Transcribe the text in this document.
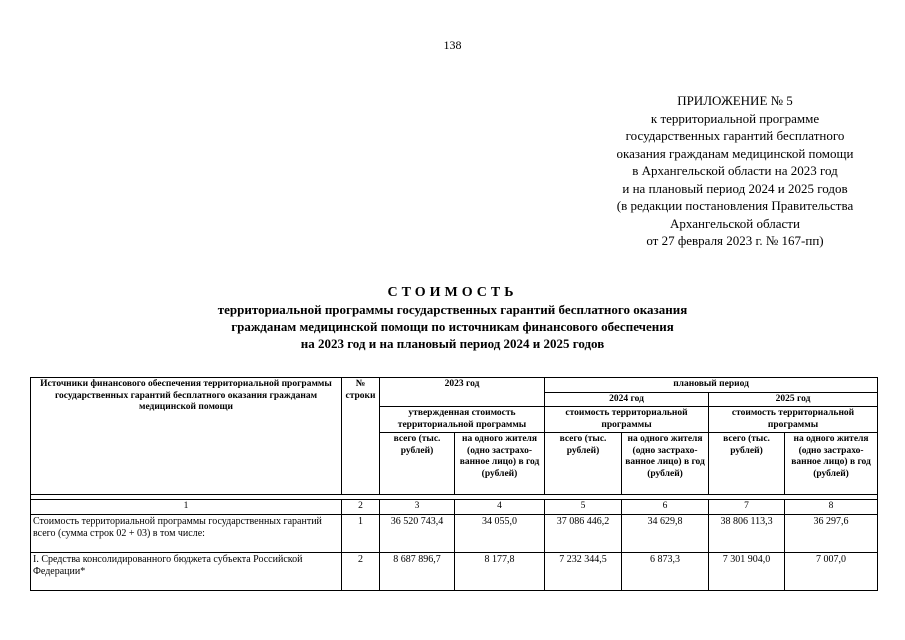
138
ПРИЛОЖЕНИЕ № 5
к территориальной программе
государственных гарантий бесплатного
оказания гражданам медицинской помощи
в Архангельской области на 2023 год
и на плановый период 2024 и 2025 годов
(в редакции постановления Правительства
Архангельской области
от 27 февраля 2023 г. № 167-пп)
СТОИМОСТЬ
территориальной программы государственных гарантий бесплатного оказания
гражданам медицинской помощи по источникам финансового обеспечения
на 2023 год и на плановый период 2024 и 2025 годов
Источники финансового обеспечения территориальной программы государственных гарантий бесплатного оказания гражданам медицинской помощи	№ строки	2023 год		плановый период			
				2024 год		2025 год	
		утвержденная стоимость территориальной программы		стоимость территориальной программы		стоимость территориальной программы	
		всего (тыс. рублей)	на одного жителя (одно застрахо-ванное лицо) в год (рублей)	всего (тыс. рублей)	на одного жителя (одно застрахо-ванное лицо) в год (рублей)	всего (тыс. рублей)	на одного жителя (одно застрахо-ванное лицо) в год (рублей)

1	2	3	4	5	6	7	8
Стоимость территориальной программы государственных гарантий всего (сумма строк 02 + 03) в том числе:	1	36 520 743,4	34 055,0	37 086 446,2	34 629,8	38 806 113,3	36 297,6
I. Средства консолидированного бюджета субъекта Российской Федерации*	2	8 687 896,7	8 177,8	7 232 344,5	6 873,3	7 301 904,0	7 007,0
